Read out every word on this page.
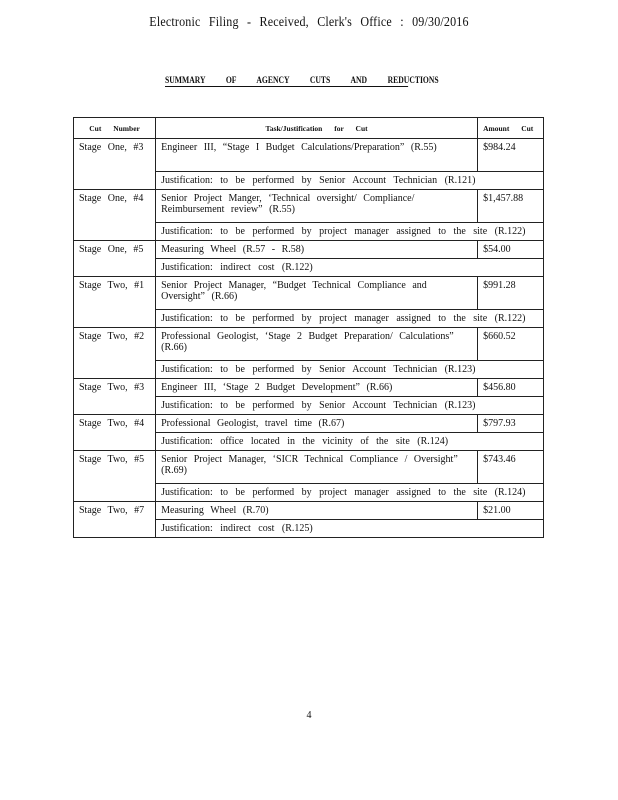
Electronic Filing - Received, Clerk's Office : 09/30/2016
SUMMARY OF AGENCY CUTS AND REDUCTIONS
Cut Number	Task/Justification for Cut	Amount Cut
Stage One, #3	Engineer III, “Stage I Budget Calculations/Preparation” (R.55)	$984.24
	Justification: to be performed by Senior Account Technician (R.121)	
Stage One, #4	Senior Project Manger, ‘Technical oversight/ Compliance/ Reimbursement review” (R.55)	$1,457.88
	Justification: to be performed by project manager assigned to the site (R.122)	
Stage One, #5	Measuring Wheel (R.57 - R.58)	$54.00
	Justification: indirect cost (R.122)	
Stage Two, #1	Senior Project Manager, “Budget Technical Compliance and Oversight” (R.66)	$991.28
	Justification: to be performed by project manager assigned to the site (R.122)	
Stage Two, #2	Professional Geologist, ‘Stage 2 Budget Preparation/ Calculations” (R.66)	$660.52
	Justification: to be performed by Senior Account Technician (R.123)	
Stage Two, #3	Engineer III, ‘Stage 2 Budget Development” (R.66)	$456.80
	Justification: to be performed by Senior Account Technician (R.123)	
Stage Two, #4	Professional Geologist, travel time (R.67)	$797.93
	Justification: office located in the vicinity of the site (R.124)	
Stage Two, #5	Senior Project Manager, ‘SICR Technical Compliance / Oversight” (R.69)	$743.46
	Justification: to be performed by project manager assigned to the site (R.124)	
Stage Two, #7	Measuring Wheel (R.70)	$21.00
	Justification: indirect cost (R.125)	
4
